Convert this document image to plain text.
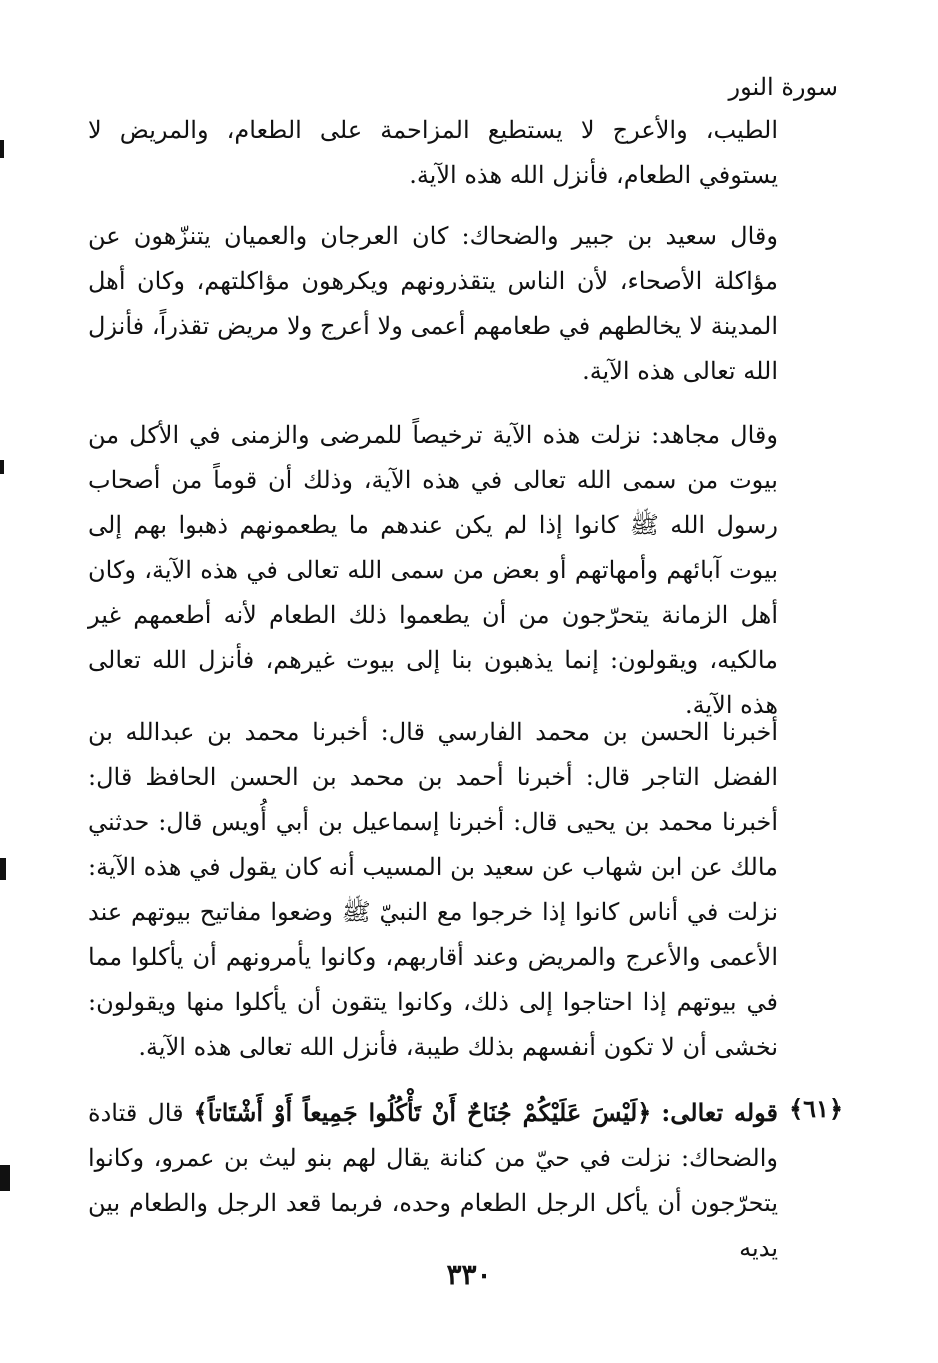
سورة النور

الطيب، والأعرج لا يستطيع المزاحمة على الطعام، والمريض لا يستوفي الطعام، فأنزل الله هذه الآية.

وقال سعيد بن جبير والضحاك: كان العرجان والعميان يتنزّهون عن مؤاكلة الأصحاء، لأن الناس يتقذرونهم ويكرهون مؤاكلتهم، وكان أهل المدينة لا يخالطهم في طعامهم أعمى ولا أعرج ولا مريض تقذراً، فأنزل الله تعالى هذه الآية.

وقال مجاهد: نزلت هذه الآية ترخيصاً للمرضى والزمنى في الأكل من بيوت من سمى الله تعالى في هذه الآية، وذلك أن قوماً من أصحاب رسول الله ﷺ كانوا إذا لم يكن عندهم ما يطعمونهم ذهبوا بهم إلى بيوت آبائهم وأمهاتهم أو بعض من سمى الله تعالى في هذه الآية، وكان أهل الزمانة يتحرّجون من أن يطعموا ذلك الطعام لأنه أطعمهم غير مالكيه، ويقولون: إنما يذهبون بنا إلى بيوت غيرهم، فأنزل الله تعالى هذه الآية.

أخبرنا الحسن بن محمد الفارسي قال: أخبرنا محمد بن عبدالله بن الفضل التاجر قال: أخبرنا أحمد بن محمد بن الحسن الحافظ قال: أخبرنا محمد بن يحيى قال: أخبرنا إسماعيل بن أبي أُويس قال: حدثني مالك عن ابن شهاب عن سعيد بن المسيب أنه كان يقول في هذه الآية: نزلت في أناس كانوا إذا خرجوا مع النبيّ ﷺ وضعوا مفاتيح بيوتهم عند الأعمى والأعرج والمريض وعند أقاربهم، وكانوا يأمرونهم أن يأكلوا مما في بيوتهم إذا احتاجوا إلى ذلك، وكانوا يتقون أن يأكلوا منها ويقولون: نخشى أن لا تكون أنفسهم بذلك طيبة، فأنزل الله تعالى هذه الآية.

﴿٦١﴾

قوله تعالى: ﴿لَيْسَ عَلَيْكُمْ جُنَاحٌ أَنْ تَأْكُلُوا جَمِيعاً أَوْ أَشْتَاتاً﴾ قال قتادة والضحاك: نزلت في حيّ من كنانة يقال لهم بنو ليث بن عمرو، وكانوا يتحرّجون أن يأكل الرجل الطعام وحده، فربما قعد الرجل والطعام بين يديه

٣٣٠
